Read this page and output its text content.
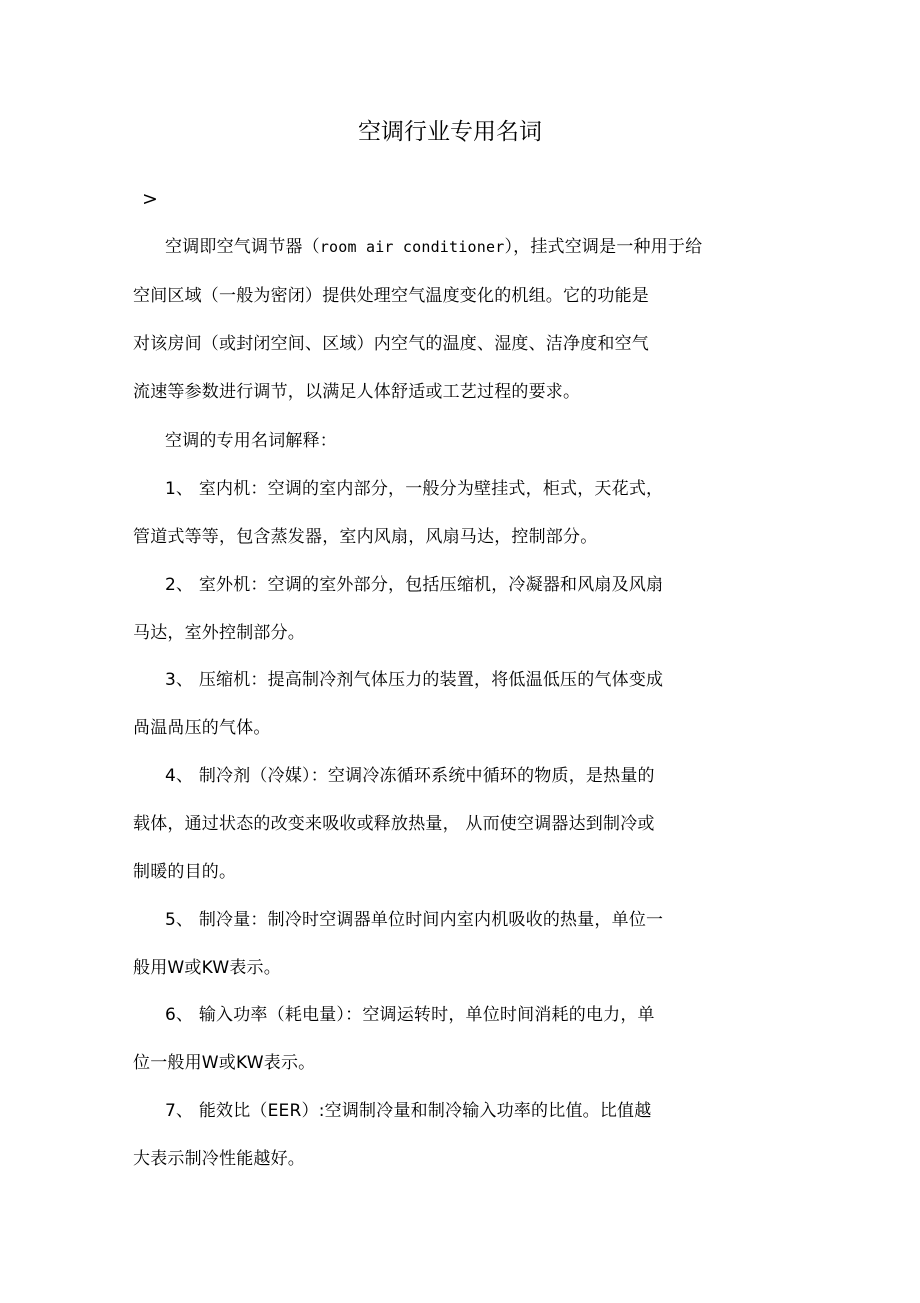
空调行业专用名词
>
空调即空气调节器（room air conditioner），挂式空调是一种用于给
空间区域（一般为密闭）提供处理空气温度变化的机组。它的功能是
对该房间（或封闭空间、区域）内空气的温度、湿度、洁净度和空气
流速等参数进行调节，以满足人体舒适或工艺过程的要求。
空调的专用名词解释：
1、 室内机：空调的室内部分，一般分为壁挂式，柜式，天花式，
管道式等等，包含蒸发器，室内风扇，风扇马达，控制部分。
2、 室外机：空调的室外部分，包括压缩机，冷凝器和风扇及风扇
马达，室外控制部分。
3、 压缩机：提高制冷剂气体压力的装置，将低温低压的气体变成
咼温咼压的气体。
4、 制冷剂（冷媒）：空调冷冻循环系统中循环的物质，是热量的
载体，通过状态的改变来吸收或释放热量， 从而使空调器达到制冷或
制暖的目的。
5、 制冷量：制冷时空调器单位时间内室内机吸收的热量，单位一
般用W或KW表示。
6、 输入功率（耗电量）：空调运转时，单位时间消耗的电力，单
位一般用W或KW表示。
7、 能效比（EER）:空调制冷量和制冷输入功率的比值。比值越
大表示制冷性能越好。
